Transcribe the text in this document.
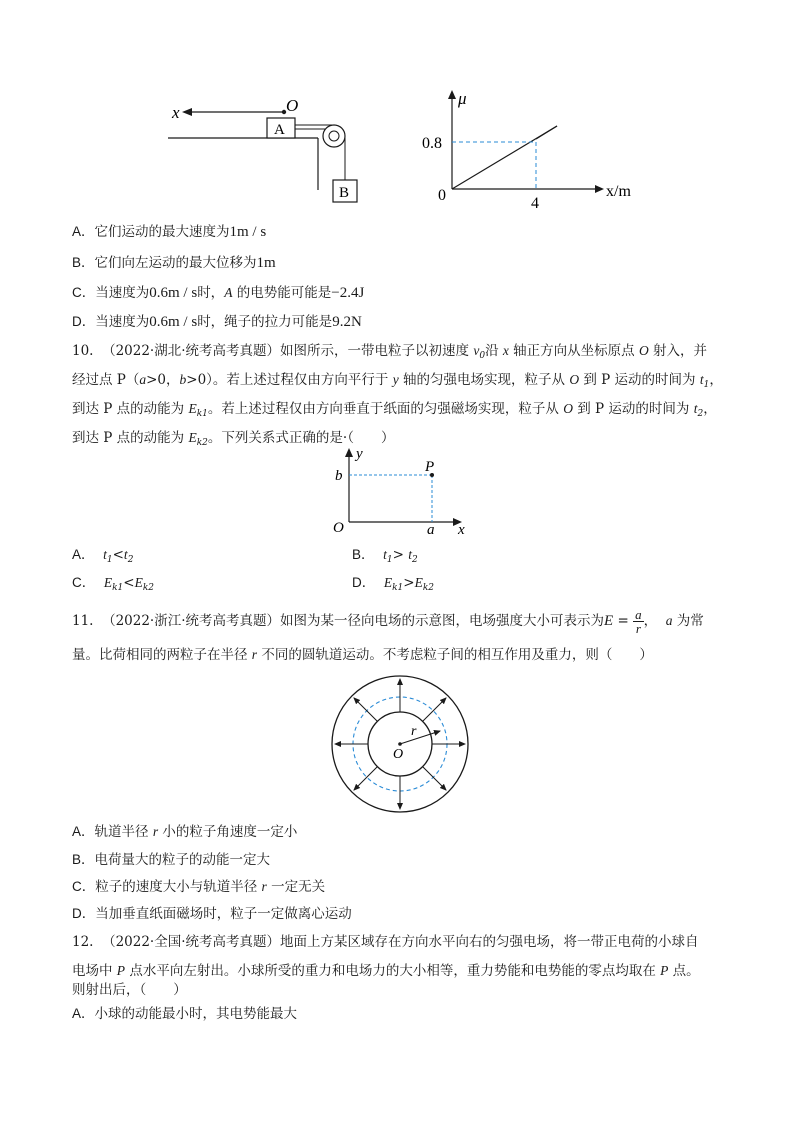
x	O
A
B
μ
x/m
0
0.8
4
A．它们运动的最大速度为1m / s
B．它们向左运动的最大位移为1m
C．当速度为0.6m / s时，A 的电势能可能是−2.4J
D．当速度为0.6m / s时，绳子的拉力可能是9.2N
10. （2022·湖北·统考高考真题）如图所示，一带电粒子以初速度 $v_0$沿 x 轴正方向从坐标原点 O 射入，并
经过点 P（a>0，b>0）。若上述过程仅由方向平行于 y 轴的匀强电场实现，粒子从 O 到 P 运动的时间为 $t_1$，
到达 P 点的动能为 $E_{k1}$。若上述过程仅由方向垂直于纸面的匀强磁场实现，粒子从 O 到 P 运动的时间为 $t_2$，
到达 P 点的动能为 $E_{k2}$。下列关系式正确的是·（　　）
y
P
b
O	a x
A． $t_1<t_2$	B． $t_1> t_2$
C． $E_{k1}<E_{k2}$	D． $E_{k1}>E_{k2}$
11. （2022·浙江·统考高考真题）如图为某一径向电场的示意图，电场强度大小可表示为$E = \frac{a}{r}$ ， a 为常
量。比荷相同的两粒子在半径 r 不同的圆轨道运动。不考虑粒子间的相互作用及重力，则（　　）
r
O
A．轨道半径 r 小的粒子角速度一定小
B．电荷量大的粒子的动能一定大
C．粒子的速度大小与轨道半径 r 一定无关
D．当加垂直纸面磁场时，粒子一定做离心运动
12. （2022·全国·统考高考真题）地面上方某区域存在方向水平向右的匀强电场，将一带正电荷的小球自
电场中 P 点水平向左射出。小球所受的重力和电场力的大小相等，重力势能和电势能的零点均取在 P 点。
则射出后，（　　）
A．小球的动能最小时，其电势能最大
